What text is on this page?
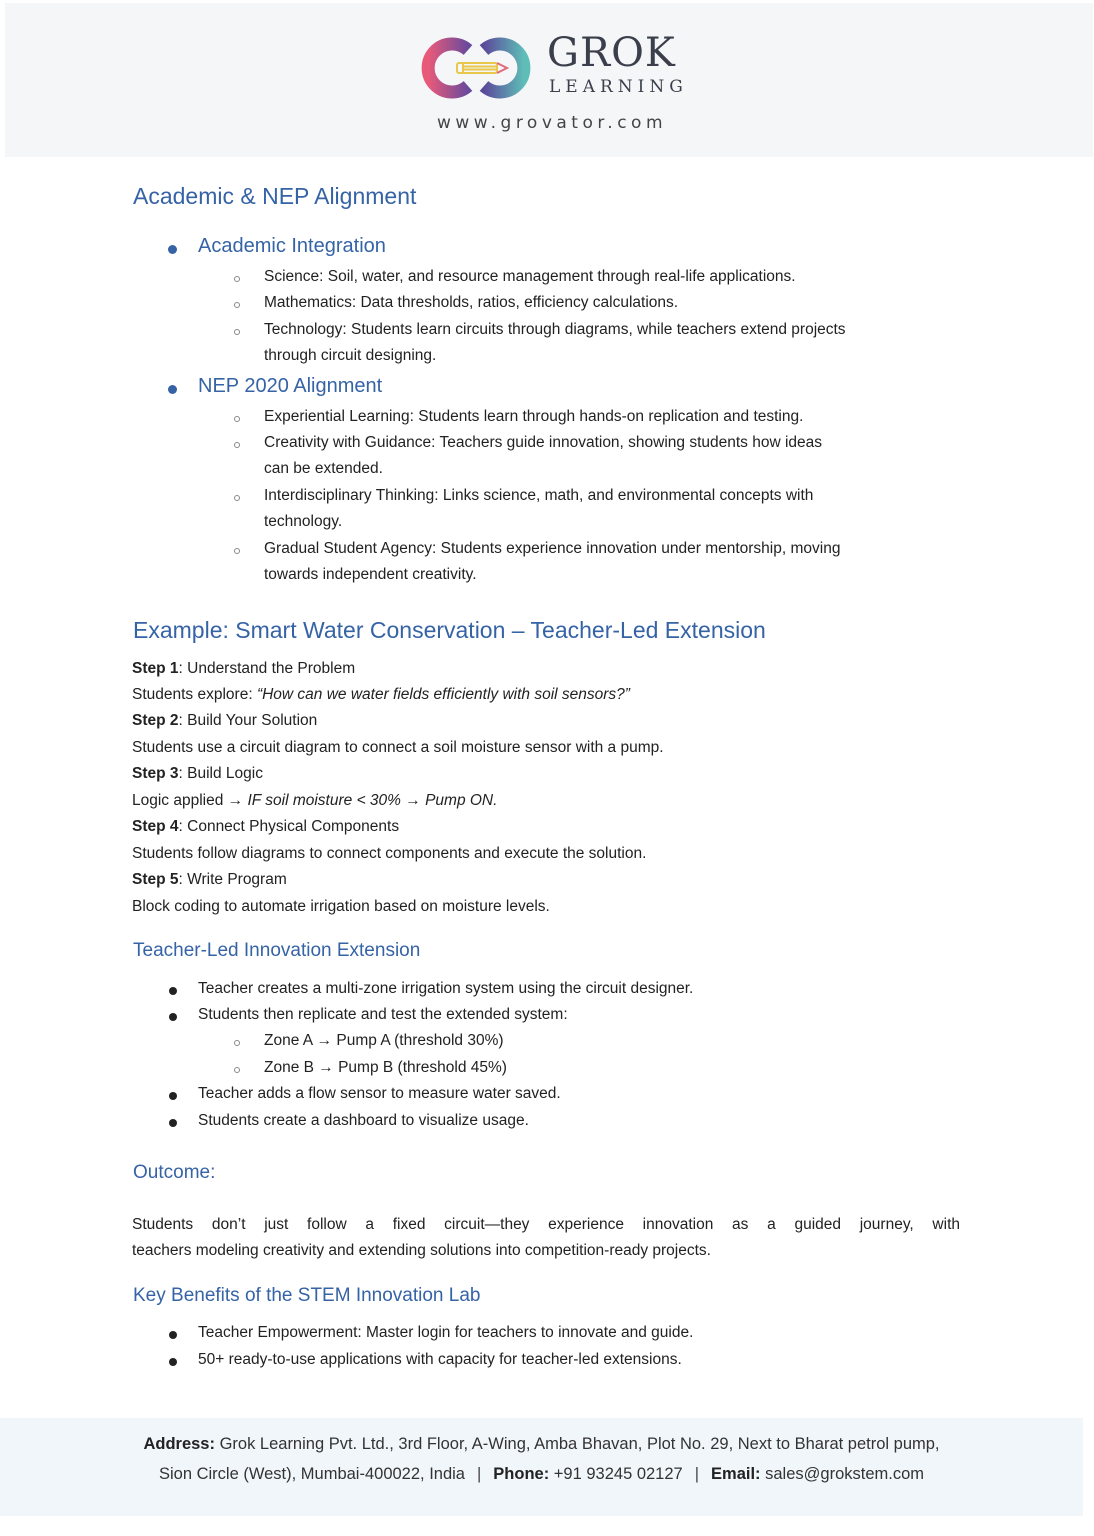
GROK
LEARNING
www.grovator.com
Academic & NEP Alignment
Academic Integration
Science: Soil, water, and resource management through real-life applications.
Mathematics: Data thresholds, ratios, efficiency calculations.
Technology: Students learn circuits through diagrams, while teachers extend projects
through circuit designing.
NEP 2020 Alignment
Experiential Learning: Students learn through hands-on replication and testing.
Creativity with Guidance: Teachers guide innovation, showing students how ideas
can be extended.
Interdisciplinary Thinking: Links science, math, and environmental concepts with
technology.
Gradual Student Agency: Students experience innovation under mentorship, moving
towards independent creativity.
Example: Smart Water Conservation – Teacher-Led Extension
Step 1: Understand the Problem
Students explore: “How can we water fields efficiently with soil sensors?”
Step 2: Build Your Solution
Students use a circuit diagram to connect a soil moisture sensor with a pump.
Step 3: Build Logic
Logic applied → IF soil moisture < 30% → Pump ON.
Step 4: Connect Physical Components
Students follow diagrams to connect components and execute the solution.
Step 5: Write Program
Block coding to automate irrigation based on moisture levels.
Teacher-Led Innovation Extension
Teacher creates a multi-zone irrigation system using the circuit designer.
Students then replicate and test the extended system:
Zone A → Pump A (threshold 30%)
Zone B → Pump B (threshold 45%)
Teacher adds a flow sensor to measure water saved.
Students create a dashboard to visualize usage.
Outcome:
Students don’t just follow a fixed circuit—they experience innovation as a guided journey, with
teachers modeling creativity and extending solutions into competition-ready projects.
Key Benefits of the STEM Innovation Lab
Teacher Empowerment: Master login for teachers to innovate and guide.
50+ ready-to-use applications with capacity for teacher-led extensions.
Address: Grok Learning Pvt. Ltd., 3rd Floor, A-Wing, Amba Bhavan, Plot No. 29, Next to Bharat petrol pump,
Sion Circle (West), Mumbai-400022, India | Phone: +91 93245 02127 | Email: sales@grokstem.com
